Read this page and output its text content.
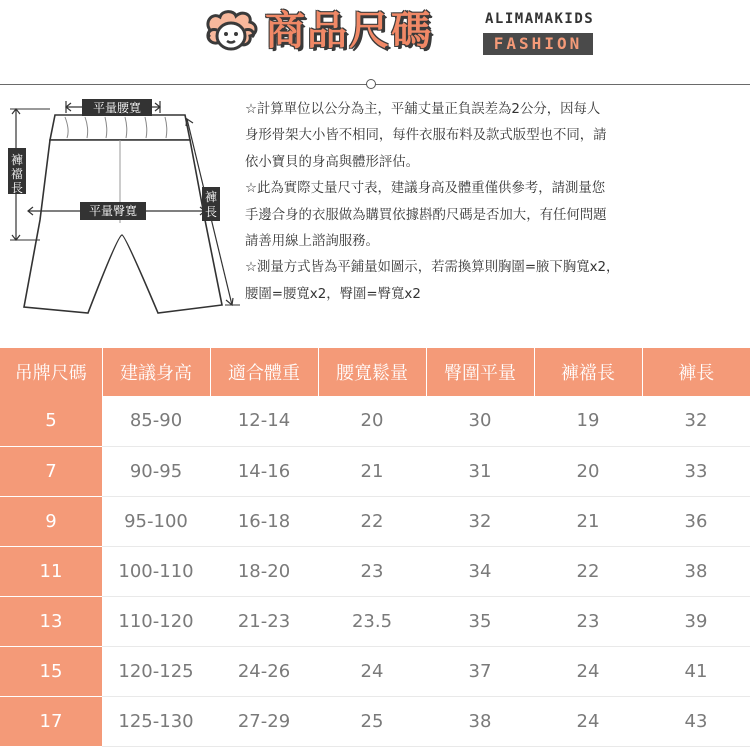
商品尺碼	ALIMAMAKIDS
FASHION
平量腰寬
平量臀寬
褲
襠
長
褲
長

☆計算單位以公分為主，平舖丈量正負誤差為2公分，因每人

身形骨架大小皆不相同，每件衣服布料及款式版型也不同，請

依小寶貝的身高與體形評估。

☆此為實際丈量尺寸表，建議身高及體重僅供參考，請測量您

手邊合身的衣服做為購買依據斟酌尺碼是否加大，有任何問題

請善用線上諮詢服務。

☆測量方式皆為平鋪量如圖示，若需換算則胸圍=腋下胸寬x2，

腰圍=腰寬x2，臀圍=臀寬x2

吊牌尺碼	建議身高	適合體重	腰寬鬆量	臀圍平量	褲襠長	褲長
5	85-90	12-14	20	30	19	32
7	90-95	14-16	21	31	20	33
9	95-100	16-18	22	32	21	36
11	100-110	18-20	23	34	22	38
13	110-120	21-23	23.5	35	23	39
15	120-125	24-26	24	37	24	41
17	125-130	27-29	25	38	24	43
